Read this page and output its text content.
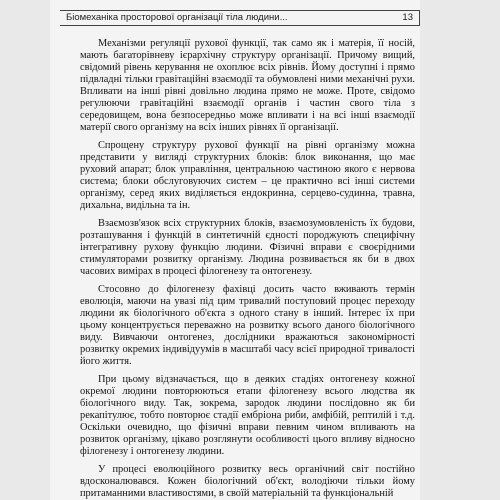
Біомеханіка просторової організації тіла людини...	13

Механізми регуляції рухової функції, так само як і матерія, її носій, мають багаторівневу ієрархічну структуру організації. Причому вищий, свідомий рівень керування не охоплює всіх рівнів. Йому доступні і прямо підвладні тільки гравітаційні взаємодії та обумовлені ними механічні рухи. Впливати на інші рівні довільно людина прямо не може. Проте, свідомо регулюючи гравітаційні взаємодії органів і частин свого тіла з середовищем, вона безпосередньо може впливати і на всі інші взаємодії матерії свого організму на всіх інших рівнях її організації.

Спрощену структуру рухової функції на рівні організму можна представити у вигляді структурних блоків: блок виконання, що має руховий апарат; блок управління, центральною частиною якого є нервова система; блоки обслуговуючих систем – це практично всі інші системи організму, серед яких виділяється ендокринна, серцево-судинна, травна, дихальна, видільна та ін.

Взаємозв'язок всіх структурних блоків, взаємозумовленість їх будови, розташування і функцій в синтетичній єдності породжують специфічну інтегративну рухову функцію людини. Фізичні вправи є своєрідними стимуляторами розвитку організму. Людина розвивається як би в двох часових вимірах в процесі філогенезу та онтогенезу.

Стосовно до філогенезу фахівці досить часто вживають термін еволюція, маючи на увазі під цим тривалий поступовий процес переходу людини як біологічного об'єкта з одного стану в інший. Інтерес їх при цьому концентрується переважно на розвитку всього даного біологічного виду. Вивчаючи онтогенез, дослідники вражаються закономірності розвитку окремих індивідуумів в масштабі часу всієї природної тривалості його життя.

При цьому відзначається, що в деяких стадіях онтогенезу кожної окремої людини повторюються етапи філогенезу всього людства як біологічного виду. Так, зокрема, зародок людини послідовно як би рекапітулює, тобто повторює стадії ембріона риби, амфібій, рептилій і т.д. Оскільки очевидно, що фізичні вправи певним чином впливають на розвиток організму, цікаво розглянути особливості цього впливу відносно філогенезу і онтогенезу людини.

У процесі еволюційного розвитку весь органічний світ постійно вдосконалювався. Кожен біологічний об'єкт, володіючи тільки йому притаманними властивостями, в своїй матеріальній та функціональній
